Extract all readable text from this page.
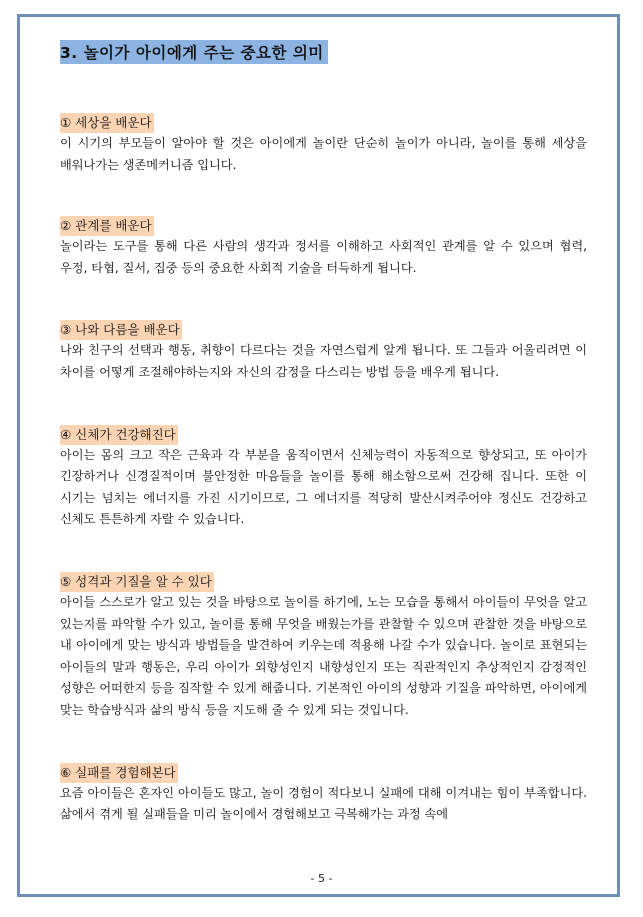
3. 놀이가 아이에게 주는 중요한 의미
① 세상을 배운다

이 시기의 부모들이 알아야 할 것은 아이에게 놀이란 단순히 놀이가 아니라, 놀이를 통해 세상을 배워나가는 생존메커니즘 입니다.

② 관계를 배운다

놀이라는 도구를 통해 다른 사람의 생각과 정서를 이해하고 사회적인 관계를 알 수 있으며 협력, 우정, 타협, 질서, 집중 등의 중요한 사회적 기술을 터득하게 됩니다.

③ 나와 다름을 배운다

나와 친구의 선택과 행동, 취향이 다르다는 것을 자연스럽게 알게 됩니다. 또 그들과 어울리려면 이 차이를 어떻게 조절해야하는지와 자신의 감정을 다스리는 방법 등을 배우게 됩니다.

④ 신체가 건강해진다

아이는 몸의 크고 작은 근육과 각 부분을 움직이면서 신체능력이 자동적으로 향상되고, 또 아이가 긴장하거나 신경질적이며 불안정한 마음들을 놀이를 통해 해소함으로써 건강해 집니다. 또한 이 시기는 넘치는 에너지를 가진 시기이므로, 그 에너지를 적당히 발산시켜주어야 정신도 건강하고 신체도 튼튼하게 자랄 수 있습니다.

⑤ 성격과 기질을 알 수 있다

아이들 스스로가 알고 있는 것을 바탕으로 놀이를 하기에, 노는 모습을 통해서 아이들이 무엇을 알고 있는지를 파악할 수가 있고, 놀이를 통해 무엇을 배웠는가를 관찰할 수 있으며 관찰한 것을 바탕으로 내 아이에게 맞는 방식과 방법들을 발견하여 키우는데 적용해 나갈 수가 있습니다. 놀이로 표현되는 아이들의 말과 행동은, 우리 아이가 외향성인지 내향성인지 또는 직관적인지 추상적인지 감정적인 성향은 어떠한지 등을 짐작할 수 있게 해줍니다. 기본적인 아이의 성향과 기질을 파악하면, 아이에게 맞는 학습방식과 삶의 방식 등을 지도해 줄 수 있게 되는 것입니다.

⑥ 실패를 경험해본다

요즘 아이들은 혼자인 아이들도 많고, 놀이 경험이 적다보니 실패에 대해 이겨내는 힘이 부족합니다. 삶에서 겪게 될 실패들을 미리 놀이에서 경험해보고 극복해가는 과정 속에

- 5 -
